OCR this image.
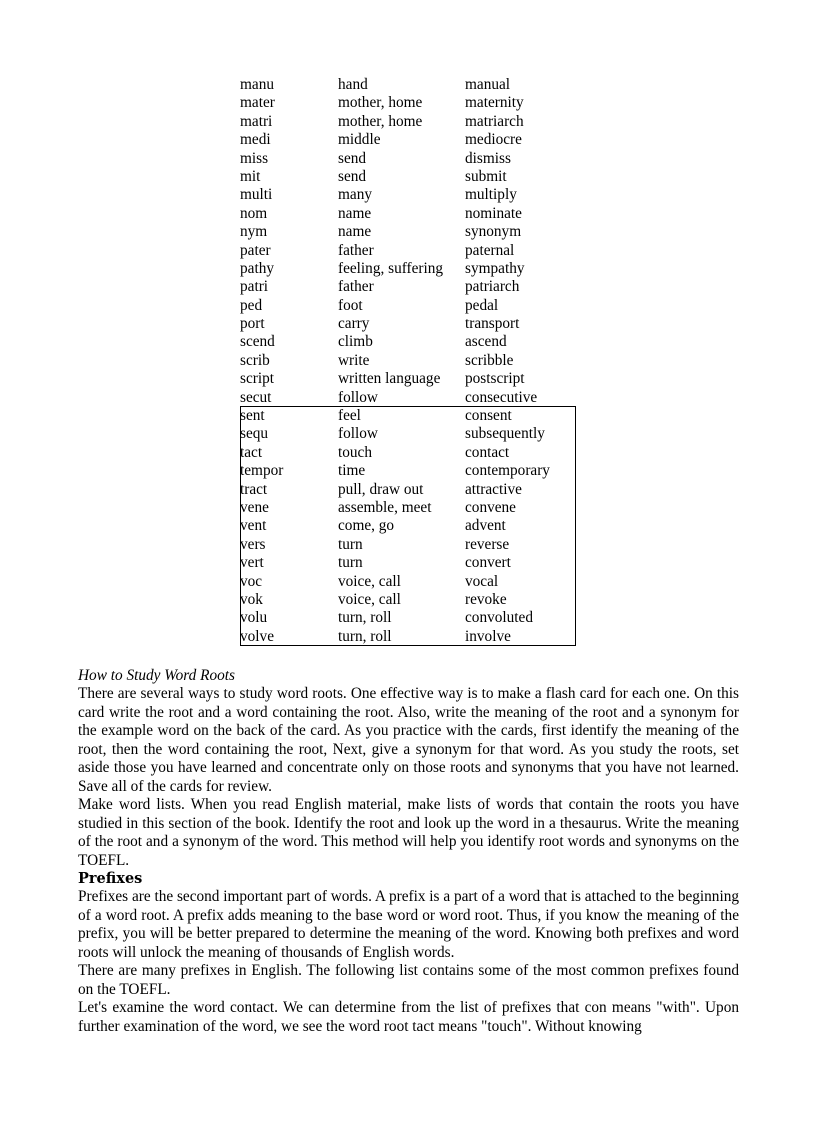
manu	hand	manual
mater	mother, home	maternity
matri	mother, home	matriarch
medi	middle	mediocre
miss	send	dismiss
mit	send	submit
multi	many	multiply
nom	name	nominate
nym	name	synonym
pater	father	paternal
pathy	feeling, suffering	sympathy
patri	father	patriarch
ped	foot	pedal
port	carry	transport
scend	climb	ascend
scrib	write	scribble
script	written language	postscript
secut	follow	consecutive
sent	feel	consent
sequ	follow	subsequently
tact	touch	contact
tempor	time	contemporary
tract	pull, draw out	attractive
vene	assemble, meet	convene
vent	come, go	advent
vers	turn	reverse
vert	turn	convert
voc	voice, call	vocal
vok	voice, call	revoke
volu	turn, roll	convoluted
volve	turn, roll	involve

How to Study Word Roots

There are several ways to study word roots. One effective way is to make a flash card for each one. On this card write the root and a word containing the root. Also, write the meaning of the root and a synonym for the example word on the back of the card. As you practice with the cards, first identify the meaning of the root, then the word containing the root, Next, give a synonym for that word. As you study the roots, set aside those you have learned and concentrate only on those roots and synonyms that you have not learned. Save all of the cards for review.

Make word lists. When you read English material, make lists of words that contain the roots you have studied in this section of the book. Identify the root and look up the word in a thesaurus. Write the meaning of the root and a synonym of the word. This method will help you identify root words and synonyms on the TOEFL.

Prefixes

Prefixes are the second important part of words. A prefix is a part of a word that is attached to the beginning of a word root. A prefix adds meaning to the base word or word root. Thus, if you know the meaning of the prefix, you will be better prepared to determine the meaning of the word. Knowing both prefixes and word roots will unlock the meaning of thousands of English words.

There are many prefixes in English. The following list contains some of the most common prefixes found on the TOEFL.

Let's examine the word contact. We can determine from the list of prefixes that con means "with". Upon further examination of the word, we see the word root tact means "touch". Without knowing
